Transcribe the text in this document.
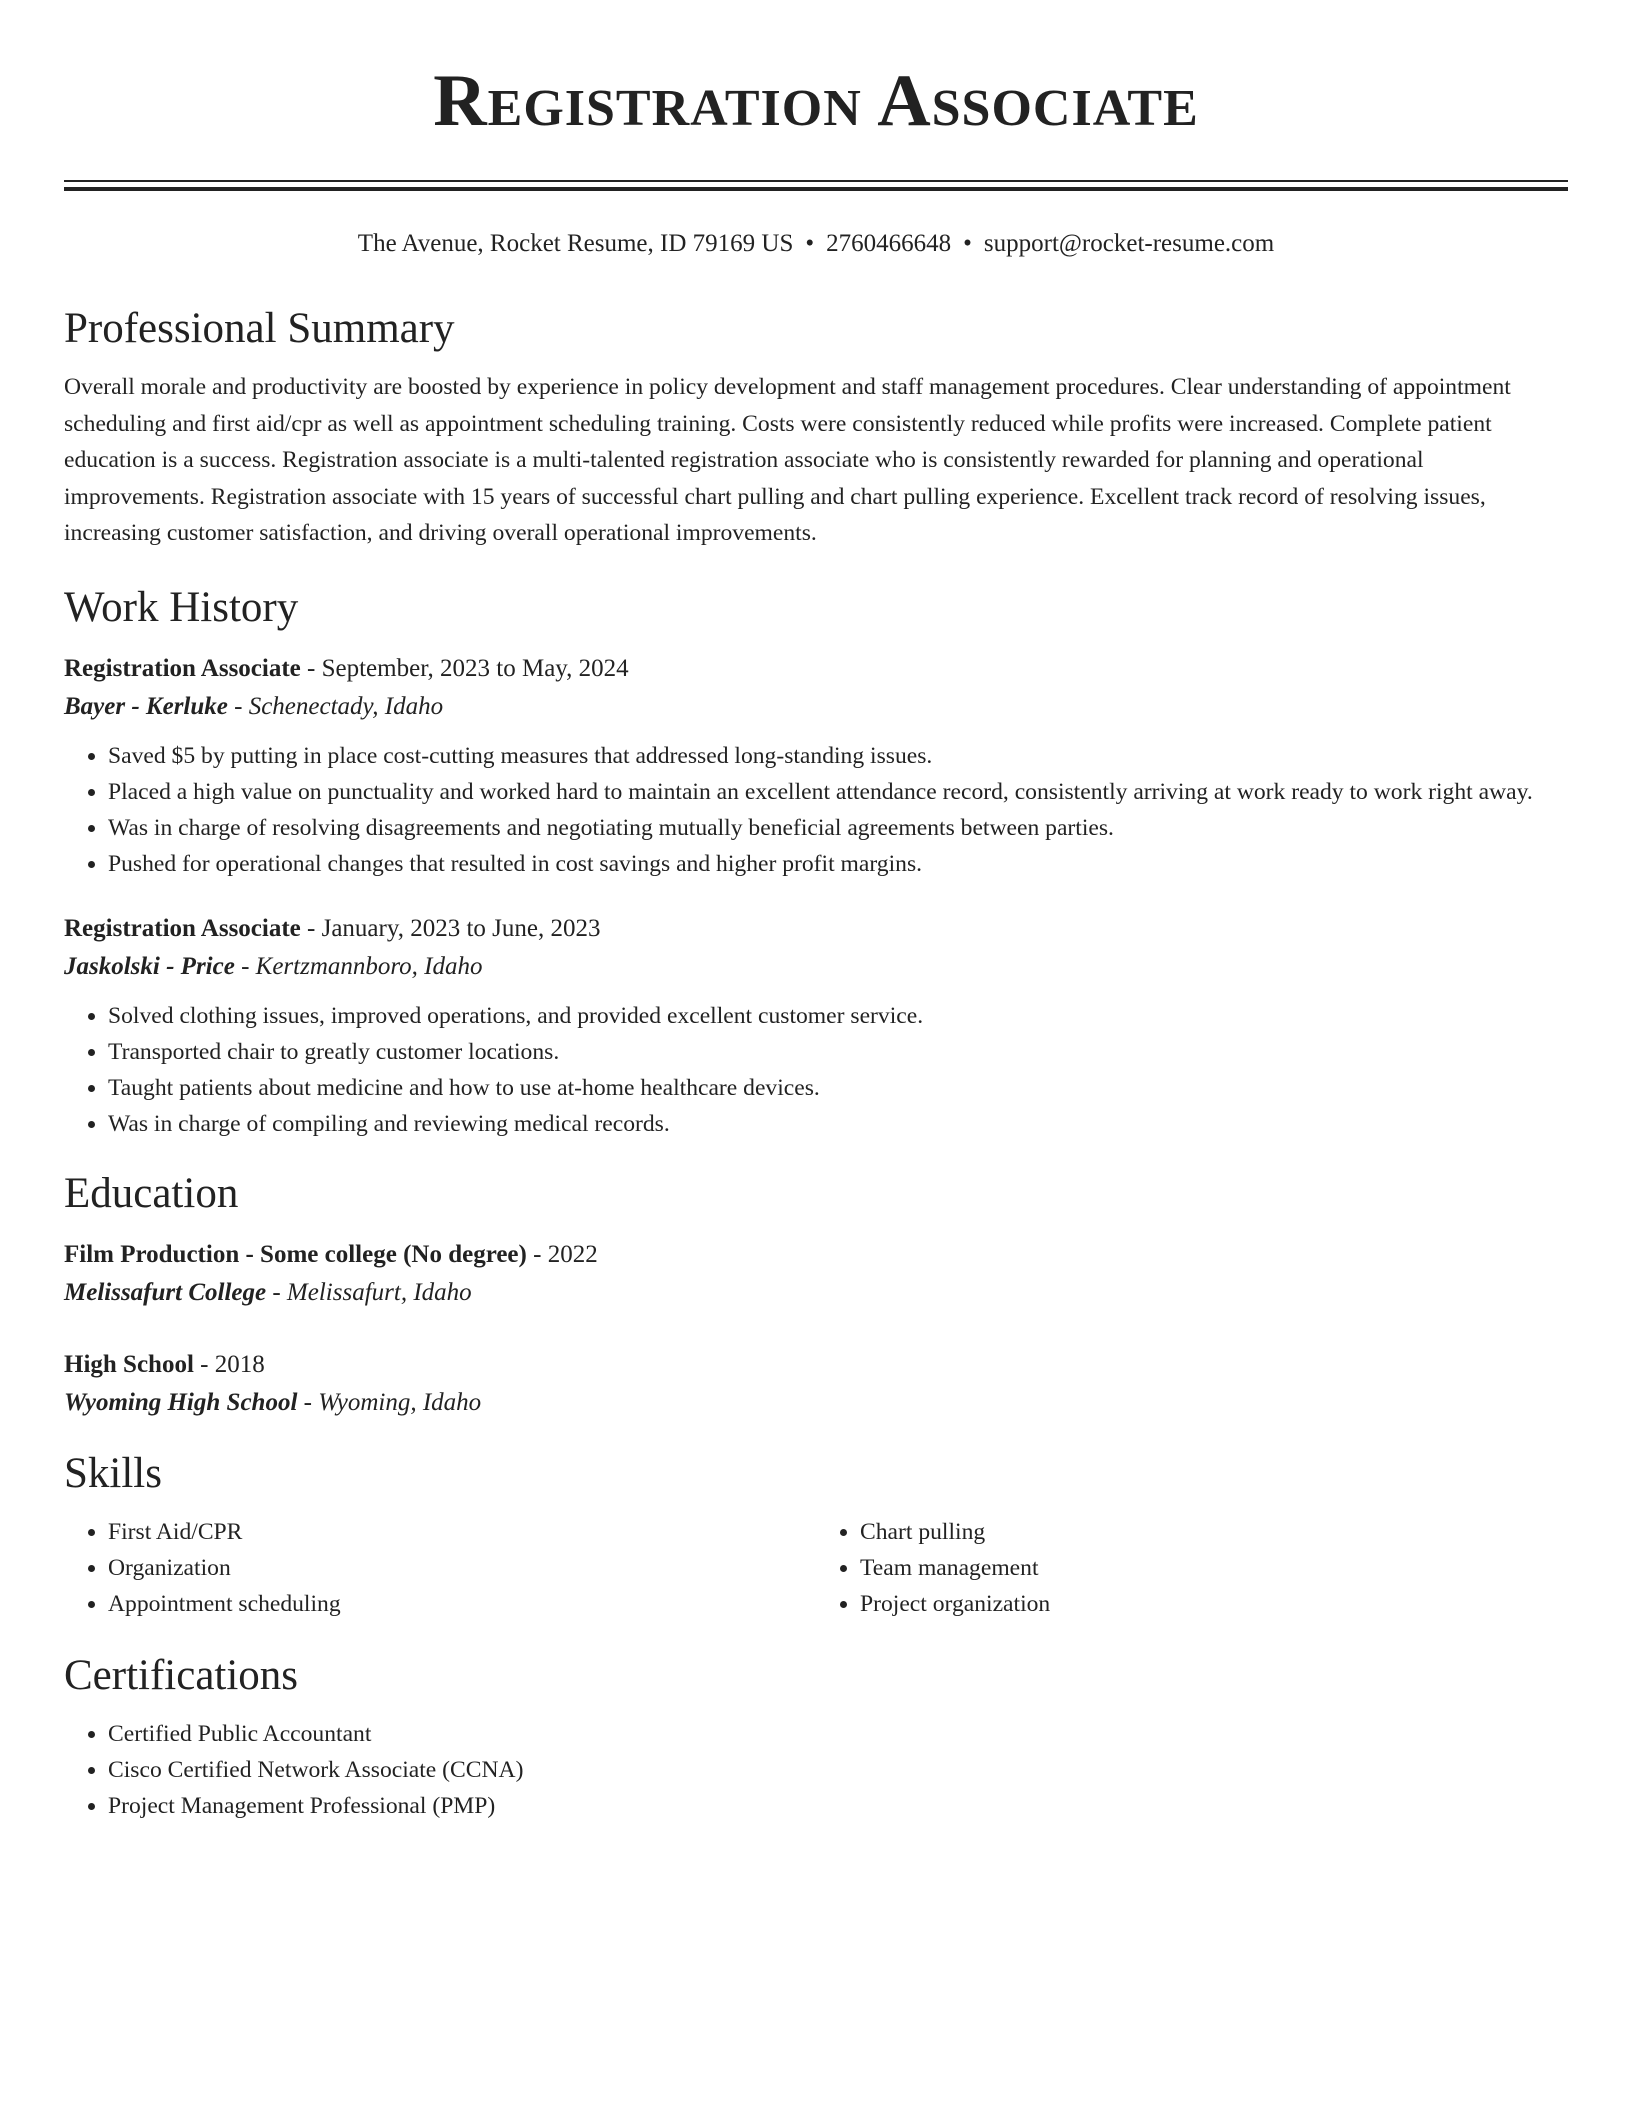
Registration Associate
The Avenue, Rocket Resume, ID 79169 US • 2760466648 • support@rocket-resume.com
Professional Summary

Overall morale and productivity are boosted by experience in policy development and staff management procedures. Clear understanding of appointment scheduling and first aid/cpr as well as appointment scheduling training. Costs were consistently reduced while profits were increased. Complete patient education is a success. Registration associate is a multi-talented registration associate who is consistently rewarded for planning and operational improvements. Registration associate with 15 years of successful chart pulling and chart pulling experience. Excellent track record of resolving issues, increasing customer satisfaction, and driving overall operational improvements.

Work History
Registration Associate - September, 2023 to May, 2024
Bayer - Kerluke - Schenectady, Idaho
• Saved $5 by putting in place cost-cutting measures that addressed long-standing issues.
• Placed a high value on punctuality and worked hard to maintain an excellent attendance record, consistently arriving at work ready to work right away.
• Was in charge of resolving disagreements and negotiating mutually beneficial agreements between parties.
• Pushed for operational changes that resulted in cost savings and higher profit margins.
Registration Associate - January, 2023 to June, 2023
Jaskolski - Price - Kertzmannboro, Idaho
• Solved clothing issues, improved operations, and provided excellent customer service.
• Transported chair to greatly customer locations.
• Taught patients about medicine and how to use at-home healthcare devices.
• Was in charge of compiling and reviewing medical records.
Education
Film Production - Some college (No degree) - 2022
Melissafurt College - Melissafurt, Idaho
High School - 2018
Wyoming High School - Wyoming, Idaho
Skills
• First Aid/CPR
• Organization
• Appointment scheduling
• Chart pulling
• Team management
• Project organization
Certifications
• Certified Public Accountant
• Cisco Certified Network Associate (CCNA)
• Project Management Professional (PMP)
